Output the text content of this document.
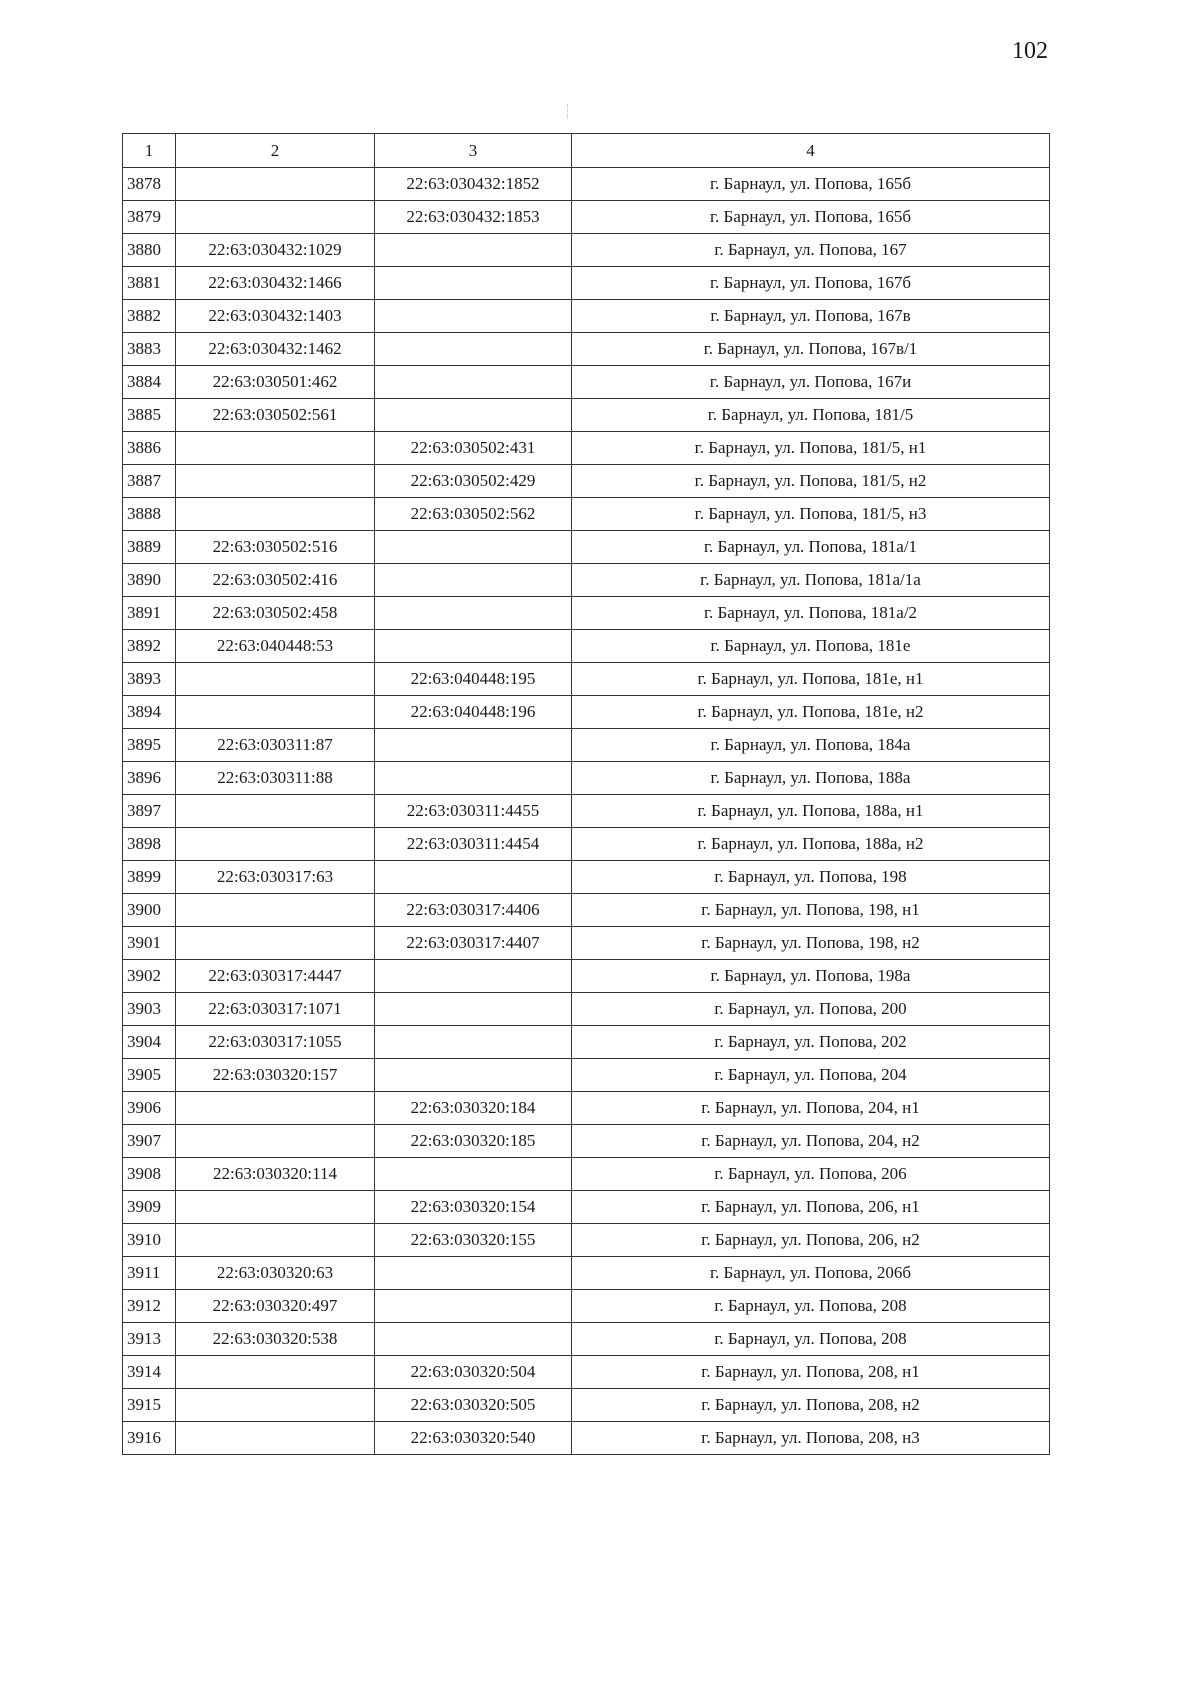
102
1	2	3	4
3878		22:63:030432:1852	г. Барнаул, ул. Попова, 165б
3879		22:63:030432:1853	г. Барнаул, ул. Попова, 165б
3880	22:63:030432:1029		г. Барнаул, ул. Попова, 167
3881	22:63:030432:1466		г. Барнаул, ул. Попова, 167б
3882	22:63:030432:1403		г. Барнаул, ул. Попова, 167в
3883	22:63:030432:1462		г. Барнаул, ул. Попова, 167в/1
3884	22:63:030501:462		г. Барнаул, ул. Попова, 167и
3885	22:63:030502:561		г. Барнаул, ул. Попова, 181/5
3886		22:63:030502:431	г. Барнаул, ул. Попова, 181/5, н1
3887		22:63:030502:429	г. Барнаул, ул. Попова, 181/5, н2
3888		22:63:030502:562	г. Барнаул, ул. Попова, 181/5, н3
3889	22:63:030502:516		г. Барнаул, ул. Попова, 181а/1
3890	22:63:030502:416		г. Барнаул, ул. Попова, 181а/1а
3891	22:63:030502:458		г. Барнаул, ул. Попова, 181а/2
3892	22:63:040448:53		г. Барнаул, ул. Попова, 181е
3893		22:63:040448:195	г. Барнаул, ул. Попова, 181е, н1
3894		22:63:040448:196	г. Барнаул, ул. Попова, 181е, н2
3895	22:63:030311:87		г. Барнаул, ул. Попова, 184а
3896	22:63:030311:88		г. Барнаул, ул. Попова, 188а
3897		22:63:030311:4455	г. Барнаул, ул. Попова, 188а, н1
3898		22:63:030311:4454	г. Барнаул, ул. Попова, 188а, н2
3899	22:63:030317:63		г. Барнаул, ул. Попова, 198
3900		22:63:030317:4406	г. Барнаул, ул. Попова, 198, н1
3901		22:63:030317:4407	г. Барнаул, ул. Попова, 198, н2
3902	22:63:030317:4447		г. Барнаул, ул. Попова, 198а
3903	22:63:030317:1071		г. Барнаул, ул. Попова, 200
3904	22:63:030317:1055		г. Барнаул, ул. Попова, 202
3905	22:63:030320:157		г. Барнаул, ул. Попова, 204
3906		22:63:030320:184	г. Барнаул, ул. Попова, 204, н1
3907		22:63:030320:185	г. Барнаул, ул. Попова, 204, н2
3908	22:63:030320:114		г. Барнаул, ул. Попова, 206
3909		22:63:030320:154	г. Барнаул, ул. Попова, 206, н1
3910		22:63:030320:155	г. Барнаул, ул. Попова, 206, н2
3911	22:63:030320:63		г. Барнаул, ул. Попова, 206б
3912	22:63:030320:497		г. Барнаул, ул. Попова, 208
3913	22:63:030320:538		г. Барнаул, ул. Попова, 208
3914		22:63:030320:504	г. Барнаул, ул. Попова, 208, н1
3915		22:63:030320:505	г. Барнаул, ул. Попова, 208, н2
3916		22:63:030320:540	г. Барнаул, ул. Попова, 208, н3
